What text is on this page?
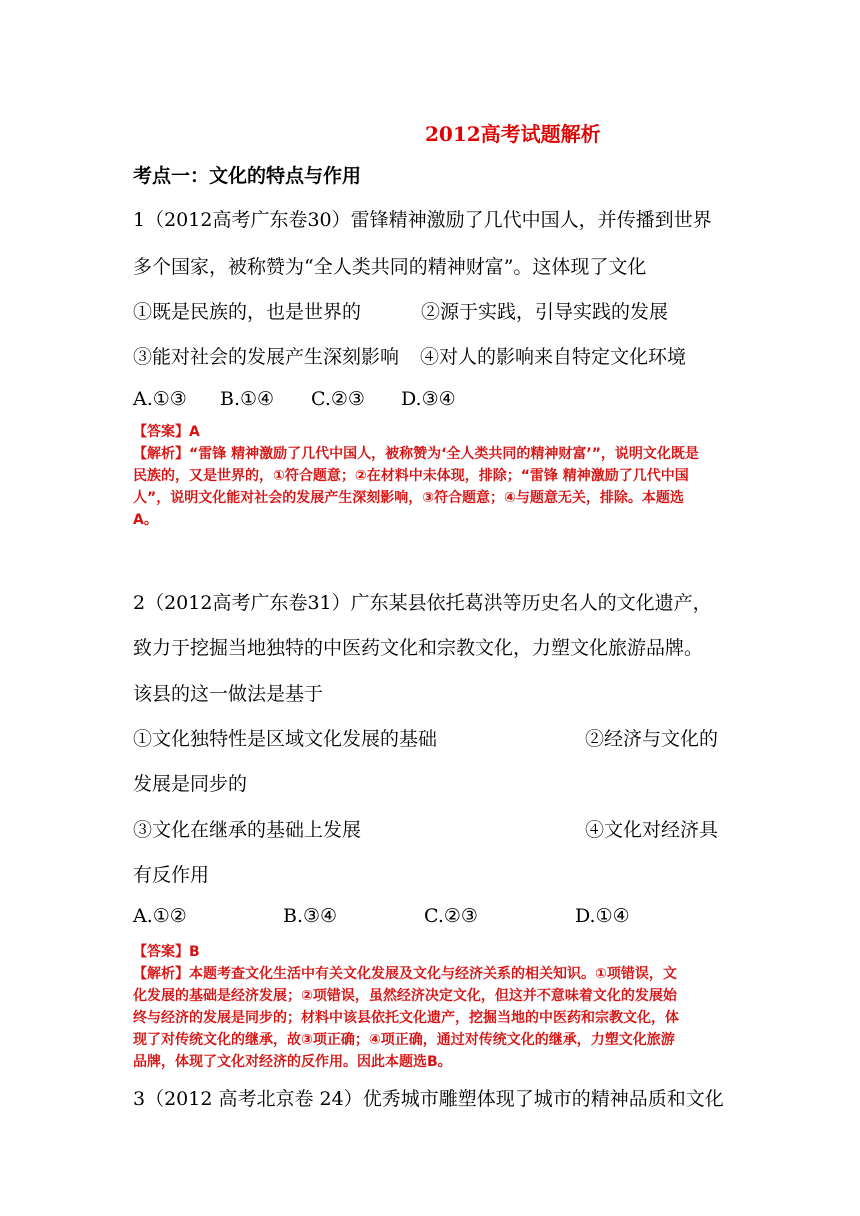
2012高考试题解析
考点一：文化的特点与作用
1（2012高考广东卷30）雷锋精神激励了几代中国人，并传播到世界
多个国家，被称赞为“全人类共同的精神财富”。这体现了文化
①既是民族的，也是世界的	②源于实践，引导实践的发展
③能对社会的发展产生深刻影响 ④对人的影响来自特定文化环境
A.①③ B.①④ C.②③ D.③④

【答案】A

【解析】“雷锋 精神激励了几代中国人，被称赞为‘全人类共同的精神财富’”，说明文化既是

民族的，又是世界的，①符合题意；②在材料中未体现，排除；“雷锋 精神激励了几代中国

人”，说明文化能对社会的发展产生深刻影响，③符合题意；④与题意无关，排除。本题选

A。

2（2012高考广东卷31）广东某县依托葛洪等历史名人的文化遗产，
致力于挖掘当地独特的中医药文化和宗教文化，力塑文化旅游品牌。
该县的这一做法是基于
①文化独特性是区域文化发展的基础	②经济与文化的
发展是同步的
③文化在继承的基础上发展	④文化对经济具
有反作用
A.①②	B.③④	C.②③	D.①④

【答案】B

【解析】本题考查文化生活中有关文化发展及文化与经济关系的相关知识。①项错误，文

化发展的基础是经济发展；②项错误，虽然经济决定文化，但这并不意味着文化的发展始

终与经济的发展是同步的；材料中该县依托文化遗产，挖掘当地的中医药和宗教文化，体

现了对传统文化的继承，故③项正确；④项正确，通过对传统文化的继承，力塑文化旅游

品牌，体现了文化对经济的反作用。因此本题选B。

3（2012 高考北京卷 24）优秀城市雕塑体现了城市的精神品质和文化
